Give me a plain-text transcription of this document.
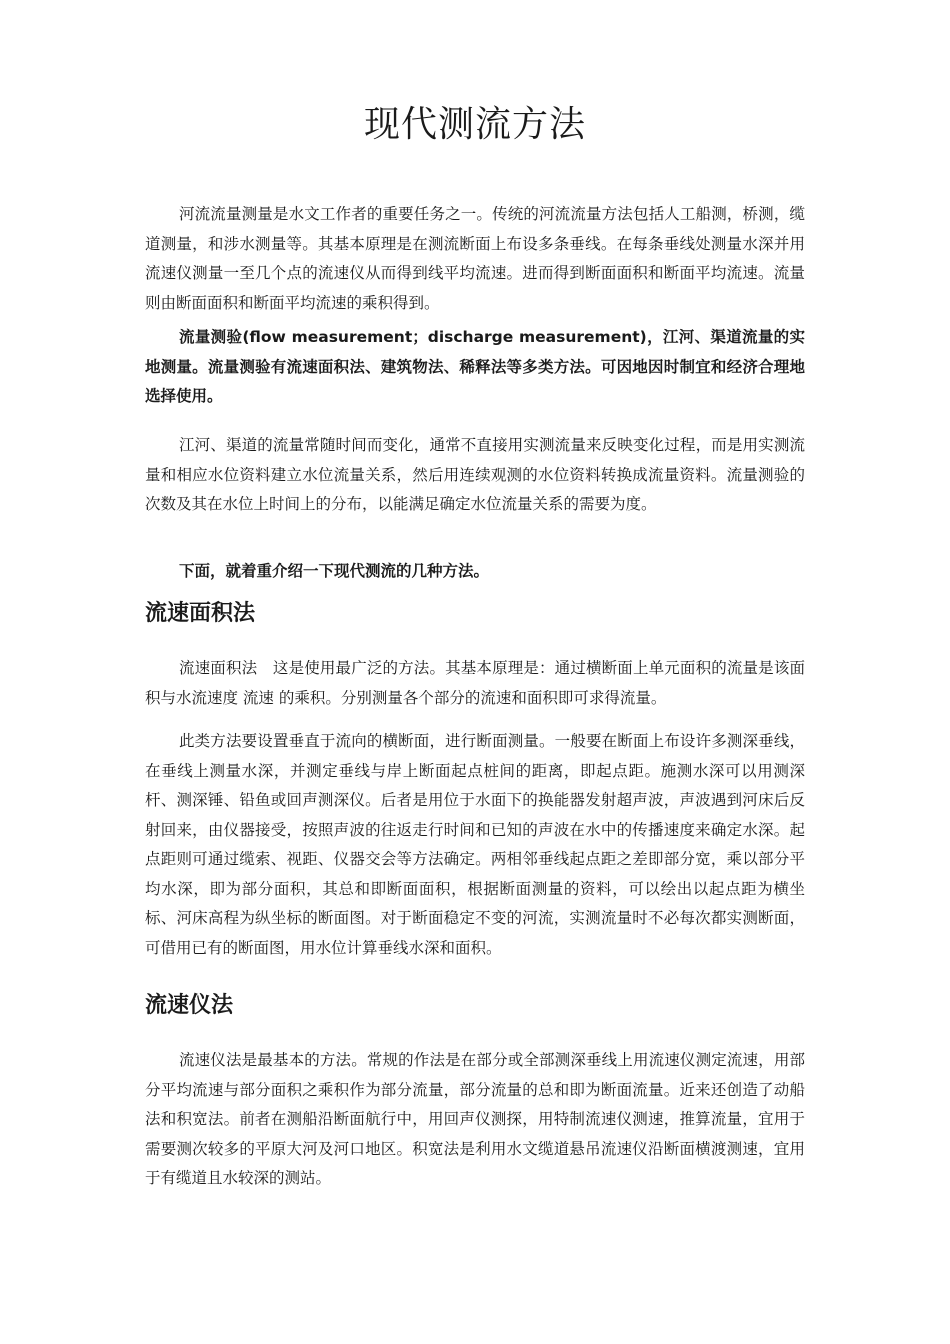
现代测流方法

河流流量测量是水文工作者的重要任务之一。传统的河流流量方法包括人工船测，桥测，缆道测量，和涉水测量等。其基本原理是在测流断面上布设多条垂线。在每条垂线处测量水深并用流速仪测量一至几个点的流速仪从而得到线平均流速。进而得到断面面积和断面平均流速。流量则由断面面积和断面平均流速的乘积得到。

流量测验(flow measurement；discharge measurement)，江河、渠道流量的实地测量。流量测验有流速面积法、建筑物法、稀释法等多类方法。可因地因时制宜和经济合理地选择使用。

江河、渠道的流量常随时间而变化，通常不直接用实测流量来反映变化过程，而是用实测流量和相应水位资料建立水位流量关系，然后用连续观测的水位资料转换成流量资料。流量测验的次数及其在水位上时间上的分布，以能满足确定水位流量关系的需要为度。

下面，就着重介绍一下现代测流的几种方法。

流速面积法

流速面积法　这是使用最广泛的方法。其基本原理是：通过横断面上单元面积的流量是该面积与水流速度 流速 的乘积。分别测量各个部分的流速和面积即可求得流量。

此类方法要设置垂直于流向的横断面，进行断面测量。一般要在断面上布设许多测深垂线，在垂线上测量水深，并测定垂线与岸上断面起点桩间的距离，即起点距。施测水深可以用测深杆、测深锤、铅鱼或回声测深仪。后者是用位于水面下的换能器发射超声波，声波遇到河床后反射回来，由仪器接受，按照声波的往返走行时间和已知的声波在水中的传播速度来确定水深。起点距则可通过缆索、视距、仪器交会等方法确定。两相邻垂线起点距之差即部分宽，乘以部分平均水深，即为部分面积，其总和即断面面积，根据断面测量的资料，可以绘出以起点距为横坐标、河床高程为纵坐标的断面图。对于断面稳定不变的河流，实测流量时不必每次都实测断面，可借用已有的断面图，用水位计算垂线水深和面积。

流速仪法

流速仪法是最基本的方法。常规的作法是在部分或全部测深垂线上用流速仪测定流速，用部分平均流速与部分面积之乘积作为部分流量，部分流量的总和即为断面流量。近来还创造了动船法和积宽法。前者在测船沿断面航行中，用回声仪测探，用特制流速仪测速，推算流量，宜用于需要测次较多的平原大河及河口地区。积宽法是利用水文缆道悬吊流速仪沿断面横渡测速，宜用于有缆道且水较深的测站。
